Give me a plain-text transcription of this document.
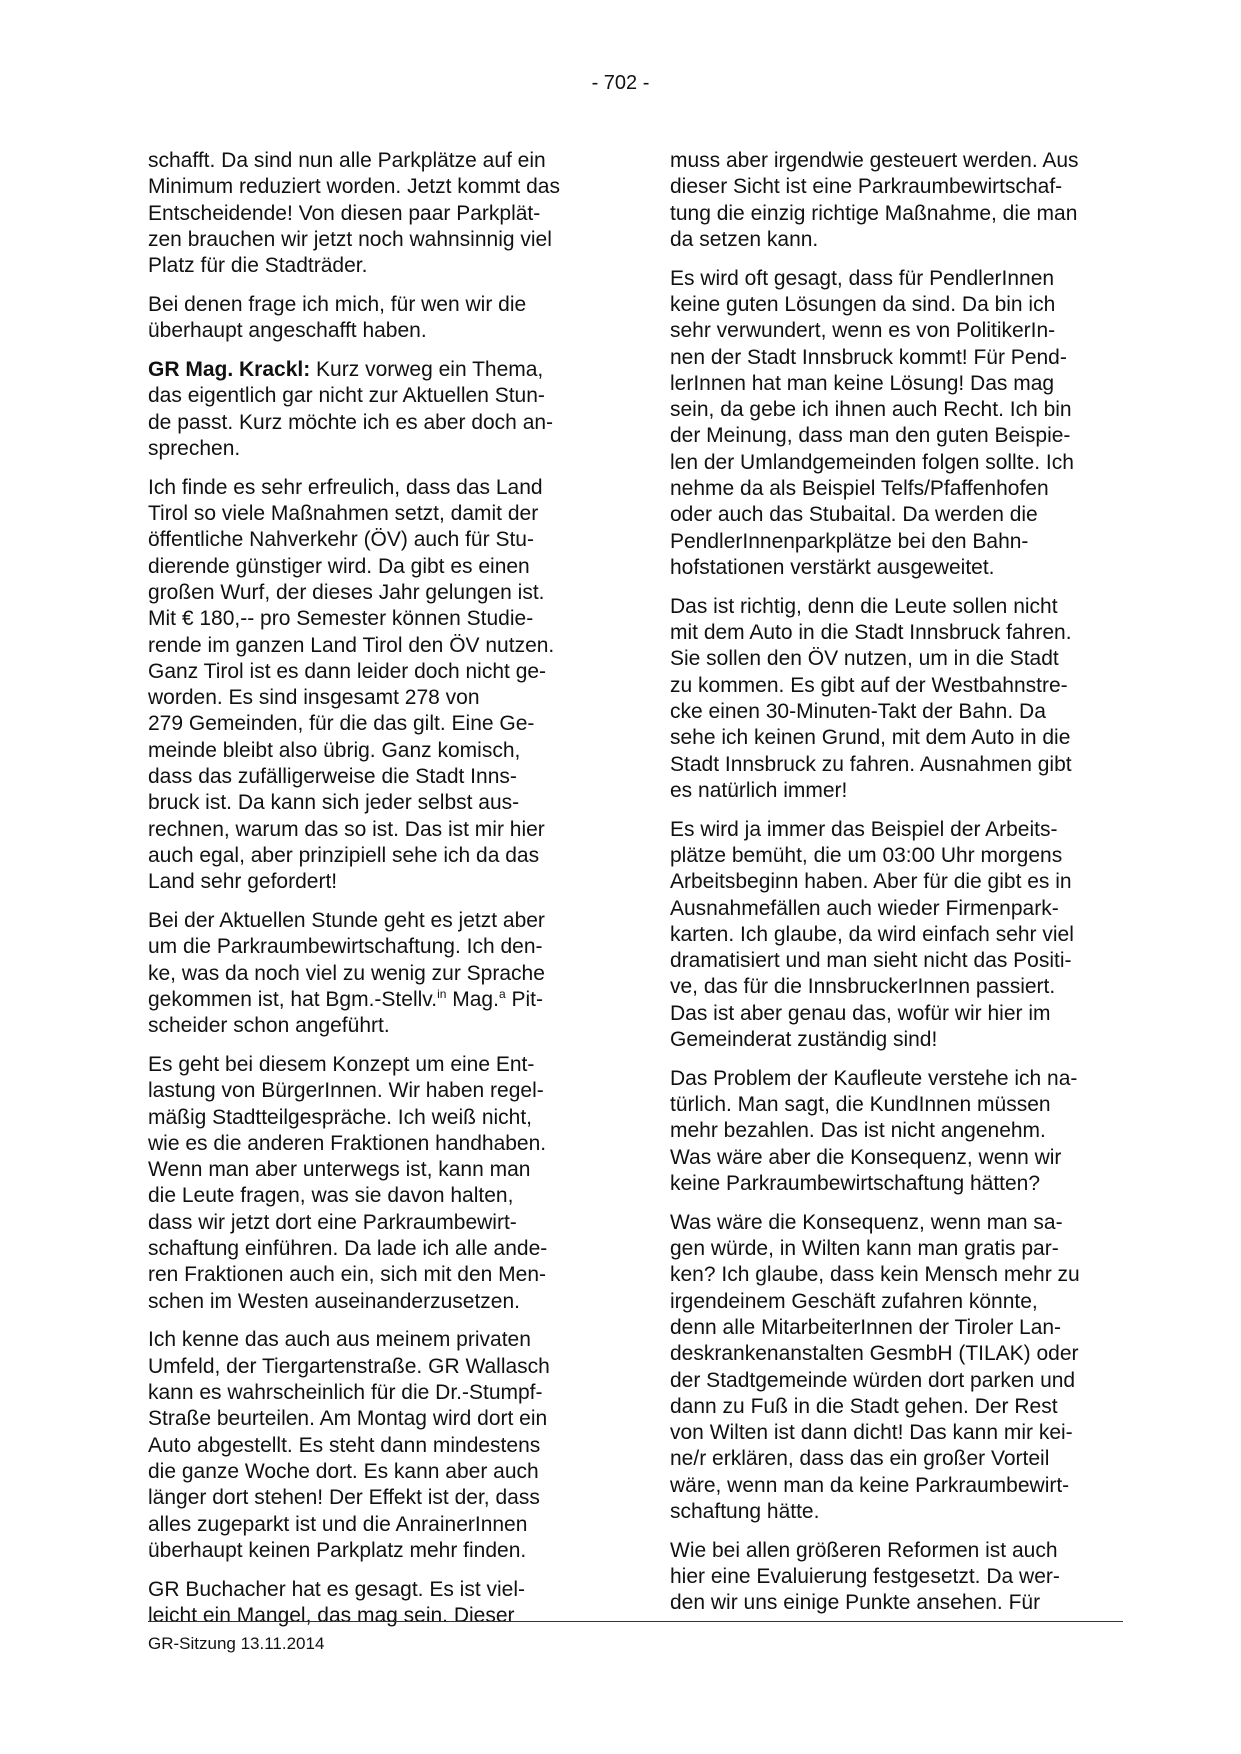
- 702 -

schafft. Da sind nun alle Parkplätze auf ein
Minimum reduziert worden. Jetzt kommt das
Entscheidende! Von diesen paar Parkplät-
zen brauchen wir jetzt noch wahnsinnig viel
Platz für die Stadträder.

Bei denen frage ich mich, für wen wir die
überhaupt angeschafft haben.

GR Mag. Krackl: Kurz vorweg ein Thema,
das eigentlich gar nicht zur Aktuellen Stun-
de passt. Kurz möchte ich es aber doch an-
sprechen.

Ich finde es sehr erfreulich, dass das Land
Tirol so viele Maßnahmen setzt, damit der
öffentliche Nahverkehr (ÖV) auch für Stu-
dierende günstiger wird. Da gibt es einen
großen Wurf, der dieses Jahr gelungen ist.
Mit € 180,-- pro Semester können Studie-
rende im ganzen Land Tirol den ÖV nutzen.
Ganz Tirol ist es dann leider doch nicht ge-
worden. Es sind insgesamt 278 von
279 Gemeinden, für die das gilt. Eine Ge-
meinde bleibt also übrig. Ganz komisch,
dass das zufälligerweise die Stadt Inns-
bruck ist. Da kann sich jeder selbst aus-
rechnen, warum das so ist. Das ist mir hier
auch egal, aber prinzipiell sehe ich da das
Land sehr gefordert!

Bei der Aktuellen Stunde geht es jetzt aber
um die Parkraumbewirtschaftung. Ich den-
ke, was da noch viel zu wenig zur Sprache
gekommen ist, hat Bgm.-Stellv.$^{in}$ Mag.$^a$ Pit-
scheider schon angeführt.

Es geht bei diesem Konzept um eine Ent-
lastung von BürgerInnen. Wir haben regel-
mäßig Stadtteilgespräche. Ich weiß nicht,
wie es die anderen Fraktionen handhaben.
Wenn man aber unterwegs ist, kann man
die Leute fragen, was sie davon halten,
dass wir jetzt dort eine Parkraumbewirt-
schaftung einführen. Da lade ich alle ande-
ren Fraktionen auch ein, sich mit den Men-
schen im Westen auseinanderzusetzen.

Ich kenne das auch aus meinem privaten
Umfeld, der Tiergartenstraße. GR Wallasch
kann es wahrscheinlich für die Dr.-Stumpf-
Straße beurteilen. Am Montag wird dort ein
Auto abgestellt. Es steht dann mindestens
die ganze Woche dort. Es kann aber auch
länger dort stehen! Der Effekt ist der, dass
alles zugeparkt ist und die AnrainerInnen
überhaupt keinen Parkplatz mehr finden.

GR Buchacher hat es gesagt. Es ist viel-
leicht ein Mangel, das mag sein. Dieser

muss aber irgendwie gesteuert werden. Aus
dieser Sicht ist eine Parkraumbewirtschaf-
tung die einzig richtige Maßnahme, die man
da setzen kann.

Es wird oft gesagt, dass für PendlerInnen
keine guten Lösungen da sind. Da bin ich
sehr verwundert, wenn es von PolitikerIn-
nen der Stadt Innsbruck kommt! Für Pend-
lerInnen hat man keine Lösung! Das mag
sein, da gebe ich ihnen auch Recht. Ich bin
der Meinung, dass man den guten Beispie-
len der Umlandgemeinden folgen sollte. Ich
nehme da als Beispiel Telfs/Pfaffenhofen
oder auch das Stubaital. Da werden die
PendlerInnenparkplätze bei den Bahn-
hofstationen verstärkt ausgeweitet.

Das ist richtig, denn die Leute sollen nicht
mit dem Auto in die Stadt Innsbruck fahren.
Sie sollen den ÖV nutzen, um in die Stadt
zu kommen. Es gibt auf der Westbahnstre-
cke einen 30-Minuten-Takt der Bahn. Da
sehe ich keinen Grund, mit dem Auto in die
Stadt Innsbruck zu fahren. Ausnahmen gibt
es natürlich immer!

Es wird ja immer das Beispiel der Arbeits-
plätze bemüht, die um 03:00 Uhr morgens
Arbeitsbeginn haben. Aber für die gibt es in
Ausnahmefällen auch wieder Firmenpark-
karten. Ich glaube, da wird einfach sehr viel
dramatisiert und man sieht nicht das Positi-
ve, das für die InnsbruckerInnen passiert.
Das ist aber genau das, wofür wir hier im
Gemeinderat zuständig sind!

Das Problem der Kaufleute verstehe ich na-
türlich. Man sagt, die KundInnen müssen
mehr bezahlen. Das ist nicht angenehm.
Was wäre aber die Konsequenz, wenn wir
keine Parkraumbewirtschaftung hätten?

Was wäre die Konsequenz, wenn man sa-
gen würde, in Wilten kann man gratis par-
ken? Ich glaube, dass kein Mensch mehr zu
irgendeinem Geschäft zufahren könnte,
denn alle MitarbeiterInnen der Tiroler Lan-
deskrankenanstalten GesmbH (TILAK) oder
der Stadtgemeinde würden dort parken und
dann zu Fuß in die Stadt gehen. Der Rest
von Wilten ist dann dicht! Das kann mir kei-
ne/r erklären, dass das ein großer Vorteil
wäre, wenn man da keine Parkraumbewirt-
schaftung hätte.

Wie bei allen größeren Reformen ist auch
hier eine Evaluierung festgesetzt. Da wer-
den wir uns einige Punkte ansehen. Für

GR-Sitzung 13.11.2014
